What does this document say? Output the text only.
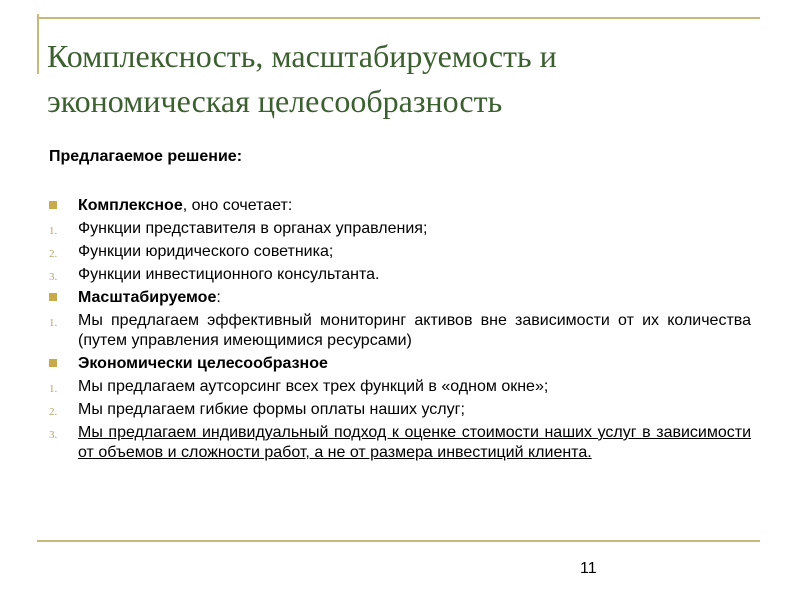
Комплексность, масштабируемость и экономическая целесообразность

Предлагаемое решение:

Комплексное, оно сочетает:
1. Функции представителя в органах управления;
2. Функции юридического советника;
3. Функции инвестиционного консультанта.
Масштабируемое:
1. Мы предлагаем эффективный мониторинг активов вне зависимости от их количества (путем управления имеющимися ресурсами)
Экономически целесообразное
1. Мы предлагаем аутсорсинг всех трех функций в «одном окне»;
2. Мы предлагаем гибкие формы оплаты наших услуг;
3. Мы предлагаем индивидуальный подход к оценке стоимости наших услуг в зависимости от объемов и сложности работ, а не от размера инвестиций клиента.
11
